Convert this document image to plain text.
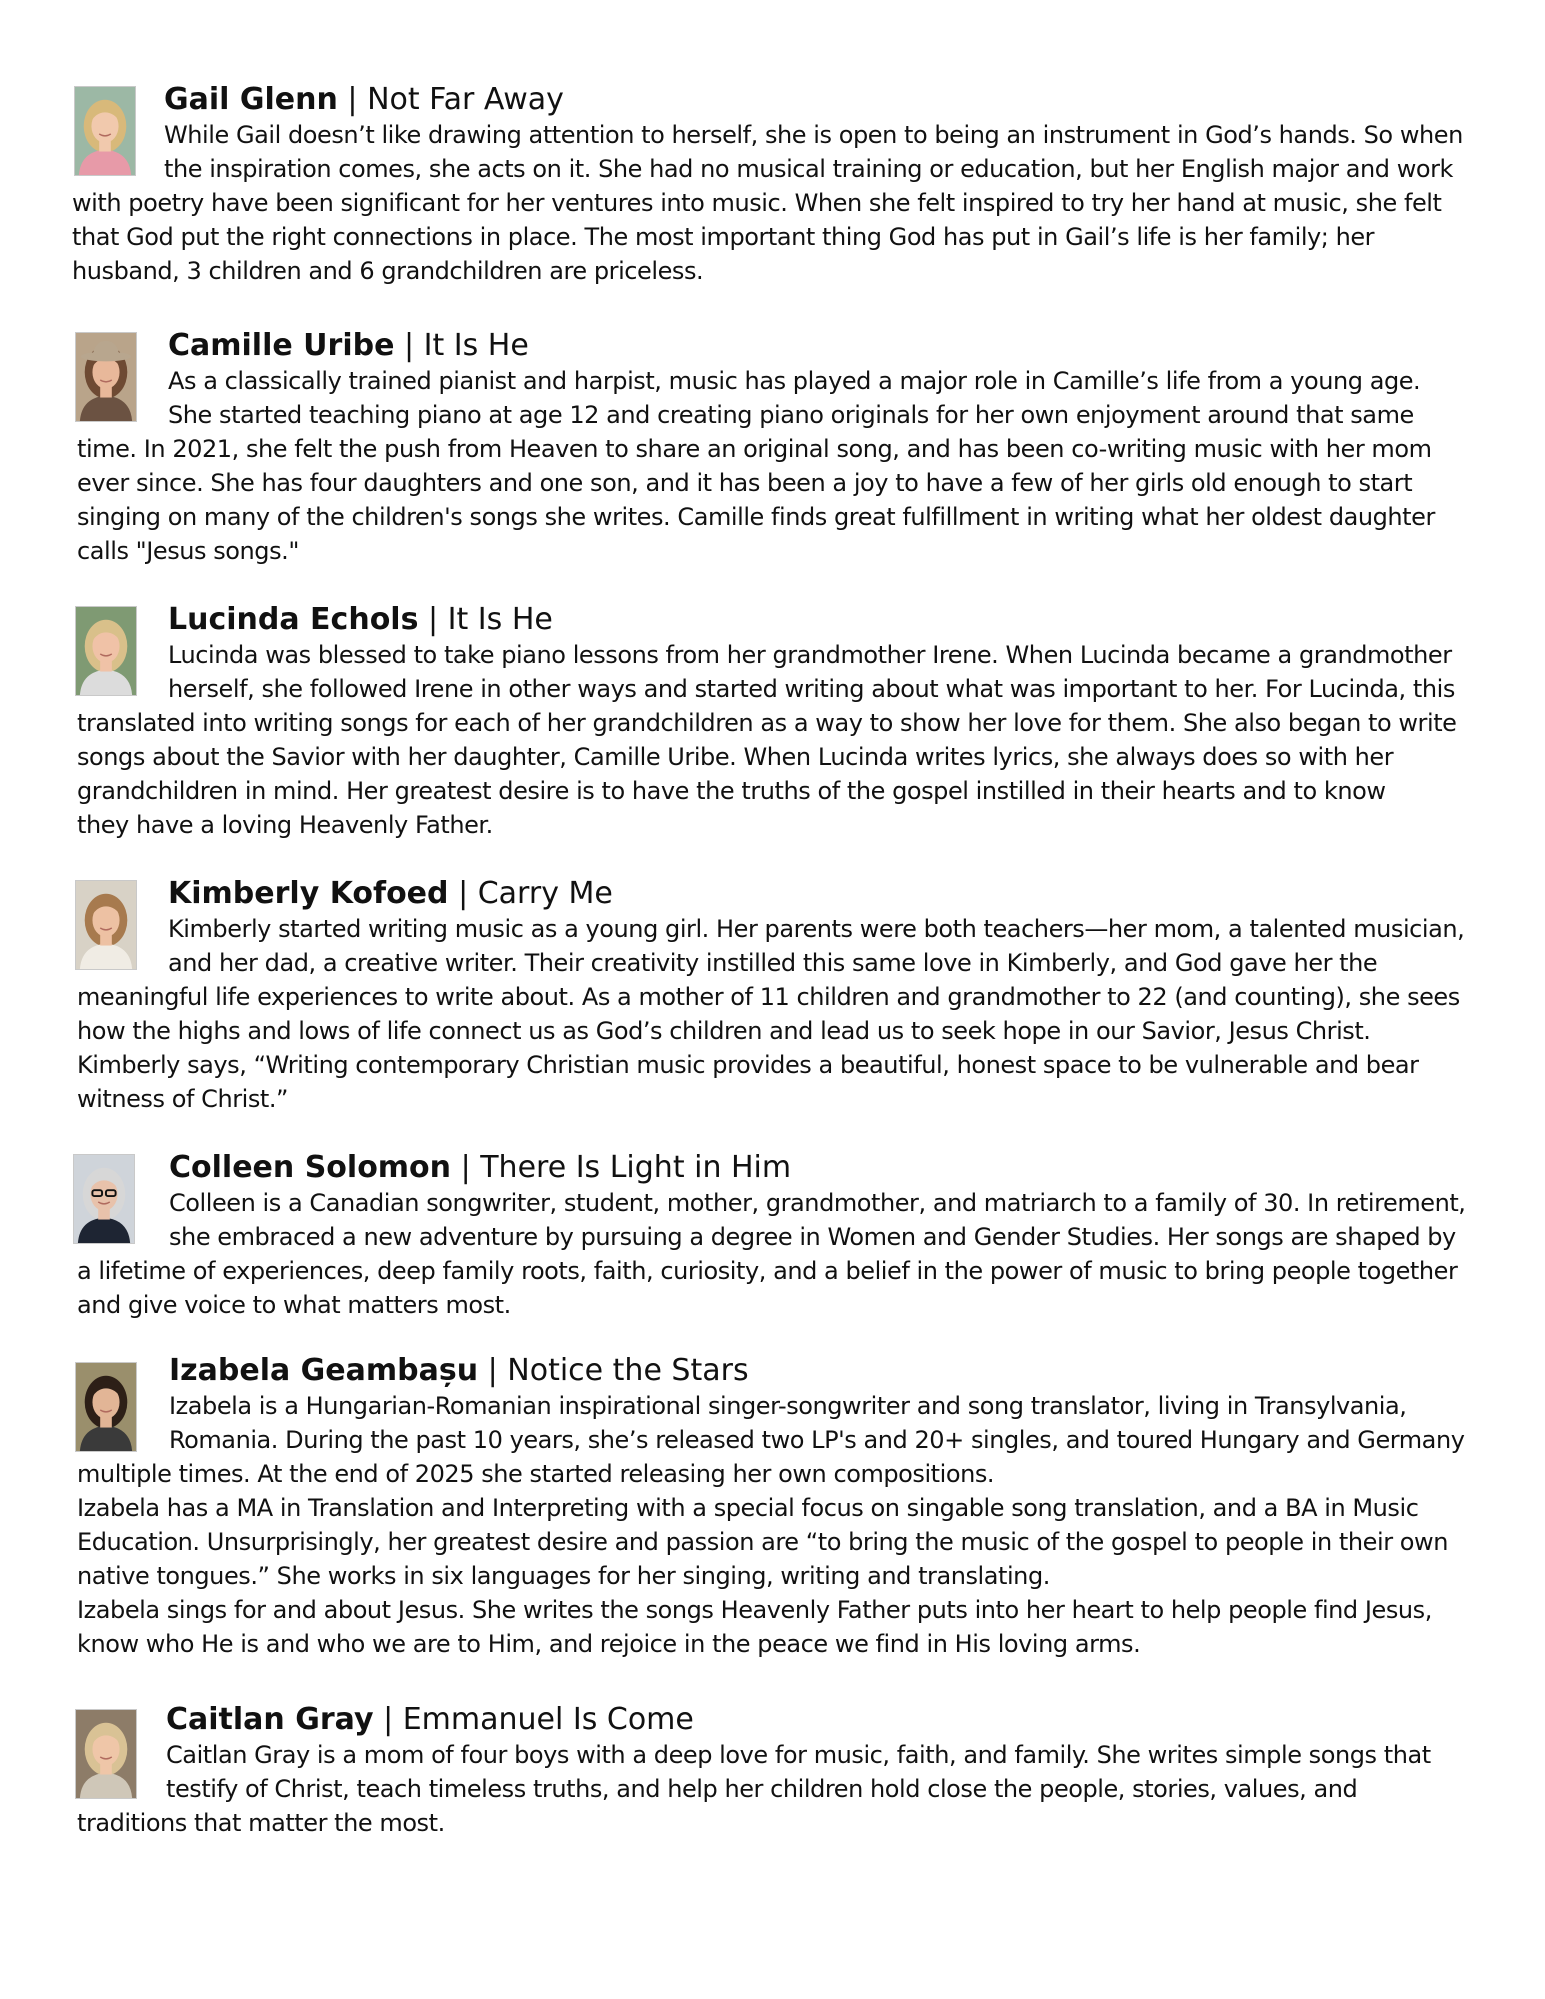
Gail Glenn | Not Far Away
While Gail doesn’t like drawing attention to herself, she is open to being an instrument in God’s hands. So when
the inspiration comes, she acts on it. She had no musical training or education, but her English major and work
with poetry have been significant for her ventures into music. When she felt inspired to try her hand at music, she felt
that God put the right connections in place. The most important thing God has put in Gail’s life is her family; her
husband, 3 children and 6 grandchildren are priceless.
Camille Uribe | It Is He
As a classically trained pianist and harpist, music has played a major role in Camille’s life from a young age.
She started teaching piano at age 12 and creating piano originals for her own enjoyment around that same
time. In 2021, she felt the push from Heaven to share an original song, and has been co-writing music with her mom
ever since. She has four daughters and one son, and it has been a joy to have a few of her girls old enough to start
singing on many of the children's songs she writes. Camille finds great fulfillment in writing what her oldest daughter
calls "Jesus songs."
Lucinda Echols | It Is He
Lucinda was blessed to take piano lessons from her grandmother Irene. When Lucinda became a grandmother
herself, she followed Irene in other ways and started writing about what was important to her. For Lucinda, this
translated into writing songs for each of her grandchildren as a way to show her love for them. She also began to write
songs about the Savior with her daughter, Camille Uribe. When Lucinda writes lyrics, she always does so with her
grandchildren in mind. Her greatest desire is to have the truths of the gospel instilled in their hearts and to know
they have a loving Heavenly Father.
Kimberly Kofoed | Carry Me
Kimberly started writing music as a young girl. Her parents were both teachers—her mom, a talented musician,
and her dad, a creative writer. Their creativity instilled this same love in Kimberly, and God gave her the
meaningful life experiences to write about. As a mother of 11 children and grandmother to 22 (and counting), she sees
how the highs and lows of life connect us as God’s children and lead us to seek hope in our Savior, Jesus Christ.
Kimberly says, “Writing contemporary Christian music provides a beautiful, honest space to be vulnerable and bear
witness of Christ.”
Colleen Solomon | There Is Light in Him
Colleen is a Canadian songwriter, student, mother, grandmother, and matriarch to a family of 30. In retirement,
she embraced a new adventure by pursuing a degree in Women and Gender Studies. Her songs are shaped by
a lifetime of experiences, deep family roots, faith, curiosity, and a belief in the power of music to bring people together
and give voice to what matters most.
Izabela Geambașu | Notice the Stars
Izabela is a Hungarian-Romanian inspirational singer-songwriter and song translator, living in Transylvania,
Romania. During the past 10 years, she’s released two LP's and 20+ singles, and toured Hungary and Germany
multiple times. At the end of 2025 she started releasing her own compositions.
Izabela has a MA in Translation and Interpreting with a special focus on singable song translation, and a BA in Music
Education. Unsurprisingly, her greatest desire and passion are “to bring the music of the gospel to people in their own
native tongues.” She works in six languages for her singing, writing and translating.
Izabela sings for and about Jesus. She writes the songs Heavenly Father puts into her heart to help people find Jesus,
know who He is and who we are to Him, and rejoice in the peace we find in His loving arms.
Caitlan Gray | Emmanuel Is Come
Caitlan Gray is a mom of four boys with a deep love for music, faith, and family. She writes simple songs that
testify of Christ, teach timeless truths, and help her children hold close the people, stories, values, and
traditions that matter the most.
